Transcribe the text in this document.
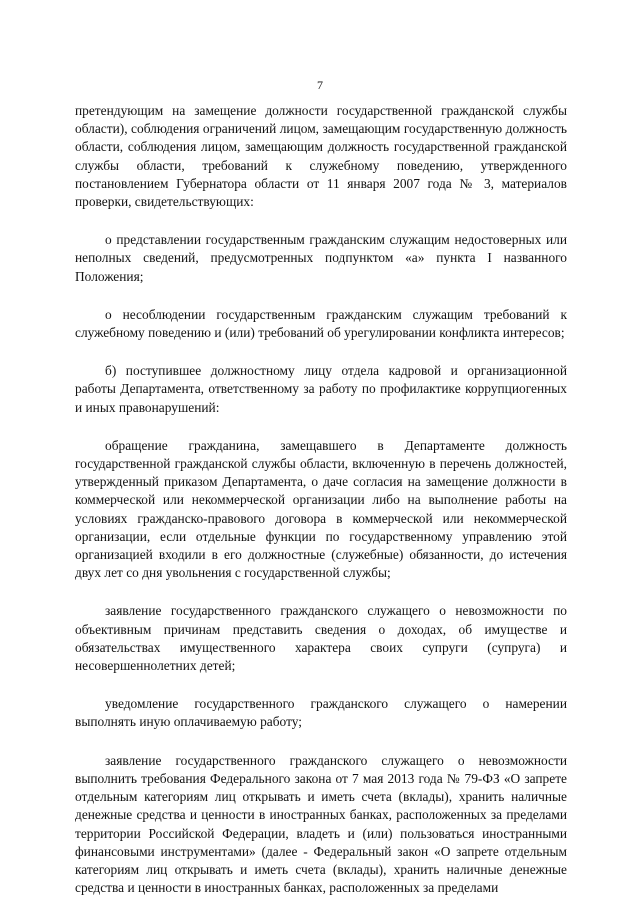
7

претендующим на замещение должности государственной гражданской службы области), соблюдения ограничений лицом, замещающим государственную должность области, соблюдения лицом, замещающим должность государственной гражданской службы области, требований к служебному поведению, утвержденного постановлением Губернатора области от 11 января 2007 года № 3, материалов проверки, свидетельствующих:

о представлении государственным гражданским служащим недостоверных или неполных сведений, предусмотренных подпунктом «а» пункта I названного Положения;

о несоблюдении государственным гражданским служащим требований к служебному поведению и (или) требований об урегулировании конфликта интересов;

б) поступившее должностному лицу отдела кадровой и организационной работы Департамента, ответственному за работу по профилактике коррупциогенных и иных правонарушений:

обращение гражданина, замещавшего в Департаменте должность государственной гражданской службы области, включенную в перечень должностей, утвержденный приказом Департамента, о даче согласия на замещение должности в коммерческой или некоммерческой организации либо на выполнение работы на условиях гражданско-правового договора в коммерческой или некоммерческой организации, если отдельные функции по государственному управлению этой организацией входили в его должностные (служебные) обязанности, до истечения двух лет со дня увольнения с государственной службы;

заявление государственного гражданского служащего о невозможности по объективным причинам представить сведения о доходах, об имуществе и обязательствах имущественного характера своих супруги (супруга) и несовершеннолетних детей;

уведомление государственного гражданского служащего о намерении выполнять иную оплачиваемую работу;

заявление государственного гражданского служащего о невозможности выполнить требования Федерального закона от 7 мая 2013 года № 79-ФЗ «О запрете отдельным категориям лиц открывать и иметь счета (вклады), хранить наличные денежные средства и ценности в иностранных банках, расположенных за пределами территории Российской Федерации, владеть и (или) пользоваться иностранными финансовыми инструментами» (далее - Федеральный закон «О запрете отдельным категориям лиц открывать и иметь счета (вклады), хранить наличные денежные средства и ценности в иностранных банках, расположенных за пределами
